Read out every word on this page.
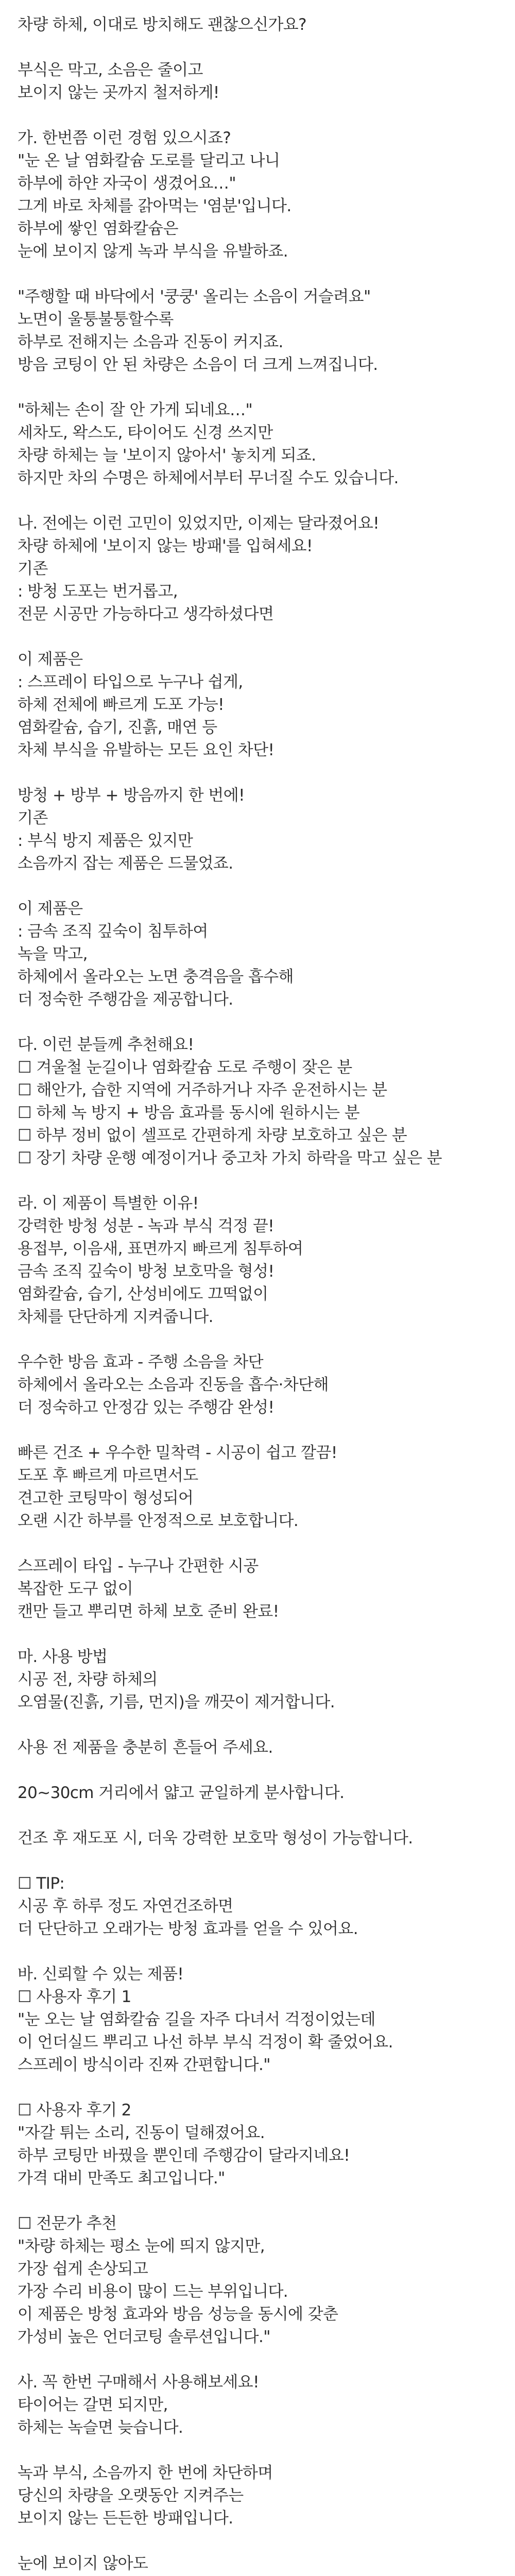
차량 하체, 이대로 방치해도 괜찮으신가요?
부식은 막고, 소음은 줄이고
보이지 않는 곳까지 철저하게!
가. 한번쯤 이런 경험 있으시죠?
"눈 온 날 염화칼슘 도로를 달리고 나니
하부에 하얀 자국이 생겼어요…"
그게 바로 차체를 갉아먹는 '염분'입니다.
하부에 쌓인 염화칼슘은
눈에 보이지 않게 녹과 부식을 유발하죠.
"주행할 때 바닥에서 '쿵쿵' 올리는 소음이 거슬려요"
노면이 울퉁불퉁할수록
하부로 전해지는 소음과 진동이 커지죠.
방음 코팅이 안 된 차량은 소음이 더 크게 느껴집니다.
"하체는 손이 잘 안 가게 되네요…"
세차도, 왁스도, 타이어도 신경 쓰지만
차량 하체는 늘 '보이지 않아서' 놓치게 되죠.
하지만 차의 수명은 하체에서부터 무너질 수도 있습니다.
나. 전에는 이런 고민이 있었지만, 이제는 달라졌어요!
차량 하체에 '보이지 않는 방패'를 입혀세요!
기존
: 방청 도포는 번거롭고,
전문 시공만 가능하다고 생각하셨다면
이 제품은
: 스프레이 타입으로 누구나 쉽게,
하체 전체에 빠르게 도포 가능!
염화칼슘, 습기, 진흙, 매연 등
차체 부식을 유발하는 모든 요인 차단!
방청 + 방부 + 방음까지 한 번에!
기존
: 부식 방지 제품은 있지만
소음까지 잡는 제품은 드물었죠.
이 제품은
: 금속 조직 깊숙이 침투하여
녹을 막고,
하체에서 올라오는 노면 충격음을 흡수해
더 정숙한 주행감을 제공합니다.
다. 이런 분들께 추천해요!
☐ 겨울철 눈길이나 염화칼슘 도로 주행이 잦은 분
☐ 해안가, 습한 지역에 거주하거나 자주 운전하시는 분
☐ 하체 녹 방지 + 방음 효과를 동시에 원하시는 분
☐ 하부 정비 없이 셀프로 간편하게 차량 보호하고 싶은 분
☐ 장기 차량 운행 예정이거나 중고차 가치 하락을 막고 싶은 분
라. 이 제품이 특별한 이유!
강력한 방청 성분 - 녹과 부식 걱정 끝!
용접부, 이음새, 표면까지 빠르게 침투하여
금속 조직 깊숙이 방청 보호막을 형성!
염화칼슘, 습기, 산성비에도 끄떡없이
차체를 단단하게 지켜줍니다.
우수한 방음 효과 - 주행 소음을 차단
하체에서 올라오는 소음과 진동을 흡수·차단해
더 정숙하고 안정감 있는 주행감 완성!
빠른 건조 + 우수한 밀착력 - 시공이 쉽고 깔끔!
도포 후 빠르게 마르면서도
견고한 코팅막이 형성되어
오랜 시간 하부를 안정적으로 보호합니다.
스프레이 타입 - 누구나 간편한 시공
복잡한 도구 없이
캔만 들고 뿌리면 하체 보호 준비 완료!
마. 사용 방법
시공 전, 차량 하체의
오염물(진흙, 기름, 먼지)을 깨끗이 제거합니다.
사용 전 제품을 충분히 흔들어 주세요.
20~30cm 거리에서 얇고 균일하게 분사합니다.
건조 후 재도포 시, 더욱 강력한 보호막 형성이 가능합니다.
☐ TIP:
시공 후 하루 정도 자연건조하면
더 단단하고 오래가는 방청 효과를 얻을 수 있어요.
바. 신뢰할 수 있는 제품!
☐ 사용자 후기 1
"눈 오는 날 염화칼슘 길을 자주 다녀서 걱정이었는데
이 언더실드 뿌리고 나선 하부 부식 걱정이 확 줄었어요.
스프레이 방식이라 진짜 간편합니다."
☐ 사용자 후기 2
"자갈 튀는 소리, 진동이 덜해졌어요.
하부 코팅만 바꿨을 뿐인데 주행감이 달라지네요!
가격 대비 만족도 최고입니다."
☐ 전문가 추천
"차량 하체는 평소 눈에 띄지 않지만,
가장 쉽게 손상되고
가장 수리 비용이 많이 드는 부위입니다.
이 제품은 방청 효과와 방음 성능을 동시에 갖춘
가성비 높은 언더코팅 솔루션입니다."
사. 꼭 한번 구매해서 사용해보세요!
타이어는 갈면 되지만,
하체는 녹슬면 늦습니다.
녹과 부식, 소음까지 한 번에 차단하며
당신의 차량을 오랫동안 지켜주는
보이지 않는 든든한 방패입니다.
눈에 보이지 않아도
